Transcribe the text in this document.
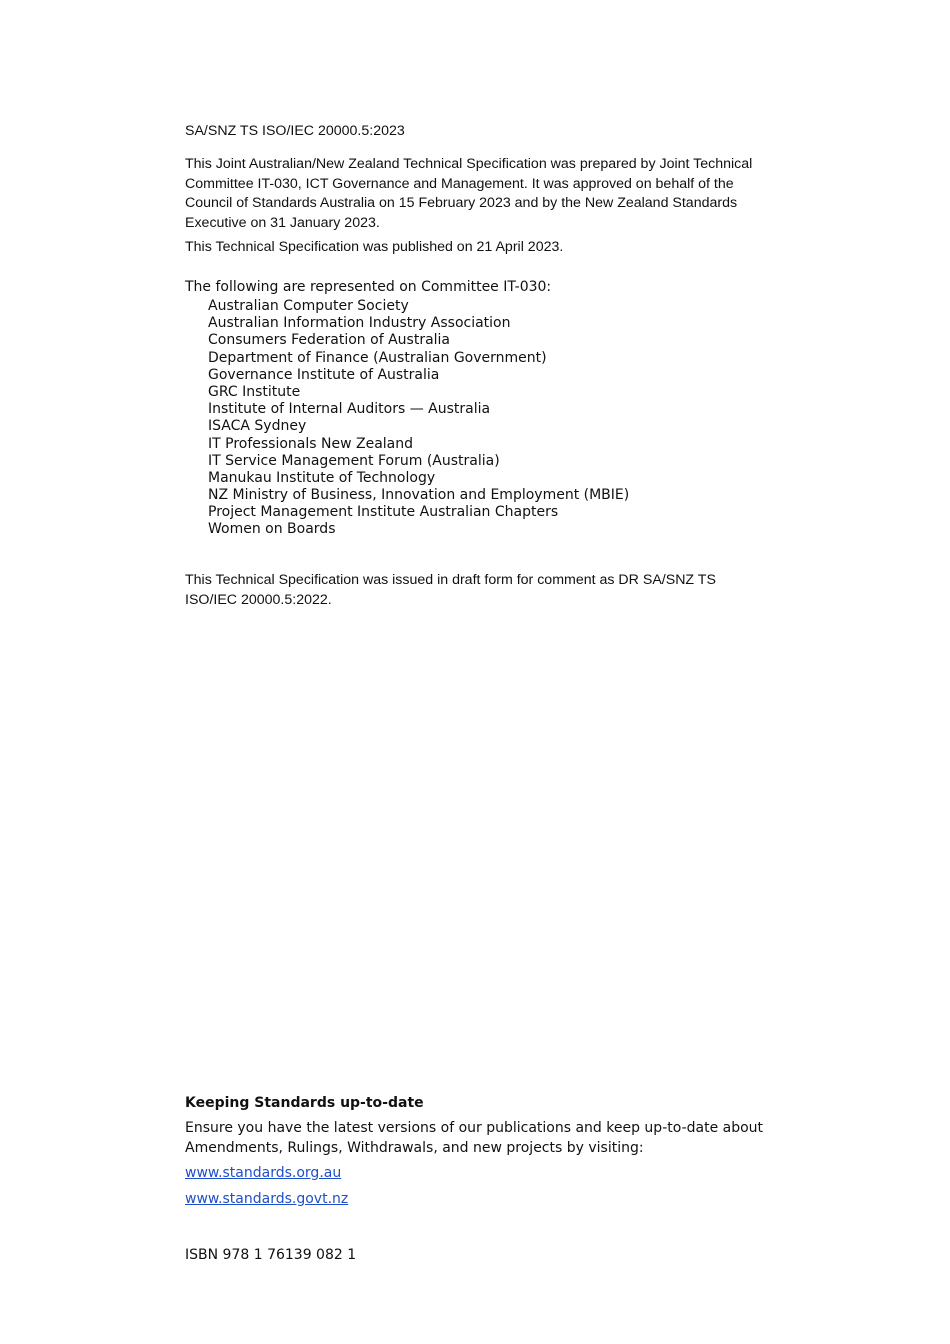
SA/SNZ TS ISO/IEC 20000.5:2023

This Joint Australian/New Zealand Technical Specification was prepared by Joint Technical Committee IT-030, ICT Governance and Management. It was approved on behalf of the Council of Standards Australia on 15 February 2023 and by the New Zealand Standards Executive on 31 January 2023.

This Technical Specification was published on 21 April 2023.

The following are represented on Committee IT-030:

Australian Computer Society
Australian Information Industry Association
Consumers Federation of Australia
Department of Finance (Australian Government)
Governance Institute of Australia
GRC Institute
Institute of Internal Auditors — Australia
ISACA Sydney
IT Professionals New Zealand
IT Service Management Forum (Australia)
Manukau Institute of Technology
NZ Ministry of Business, Innovation and Employment (MBIE)
Project Management Institute Australian Chapters
Women on Boards

This Technical Specification was issued in draft form for comment as DR SA/SNZ TS ISO/IEC 20000.5:2022.

Keeping Standards up-to-date

Ensure you have the latest versions of our publications and keep up-to-date about Amendments, Rulings, Withdrawals, and new projects by visiting:

www.standards.org.au
www.standards.govt.nz

ISBN 978 1 76139 082 1
